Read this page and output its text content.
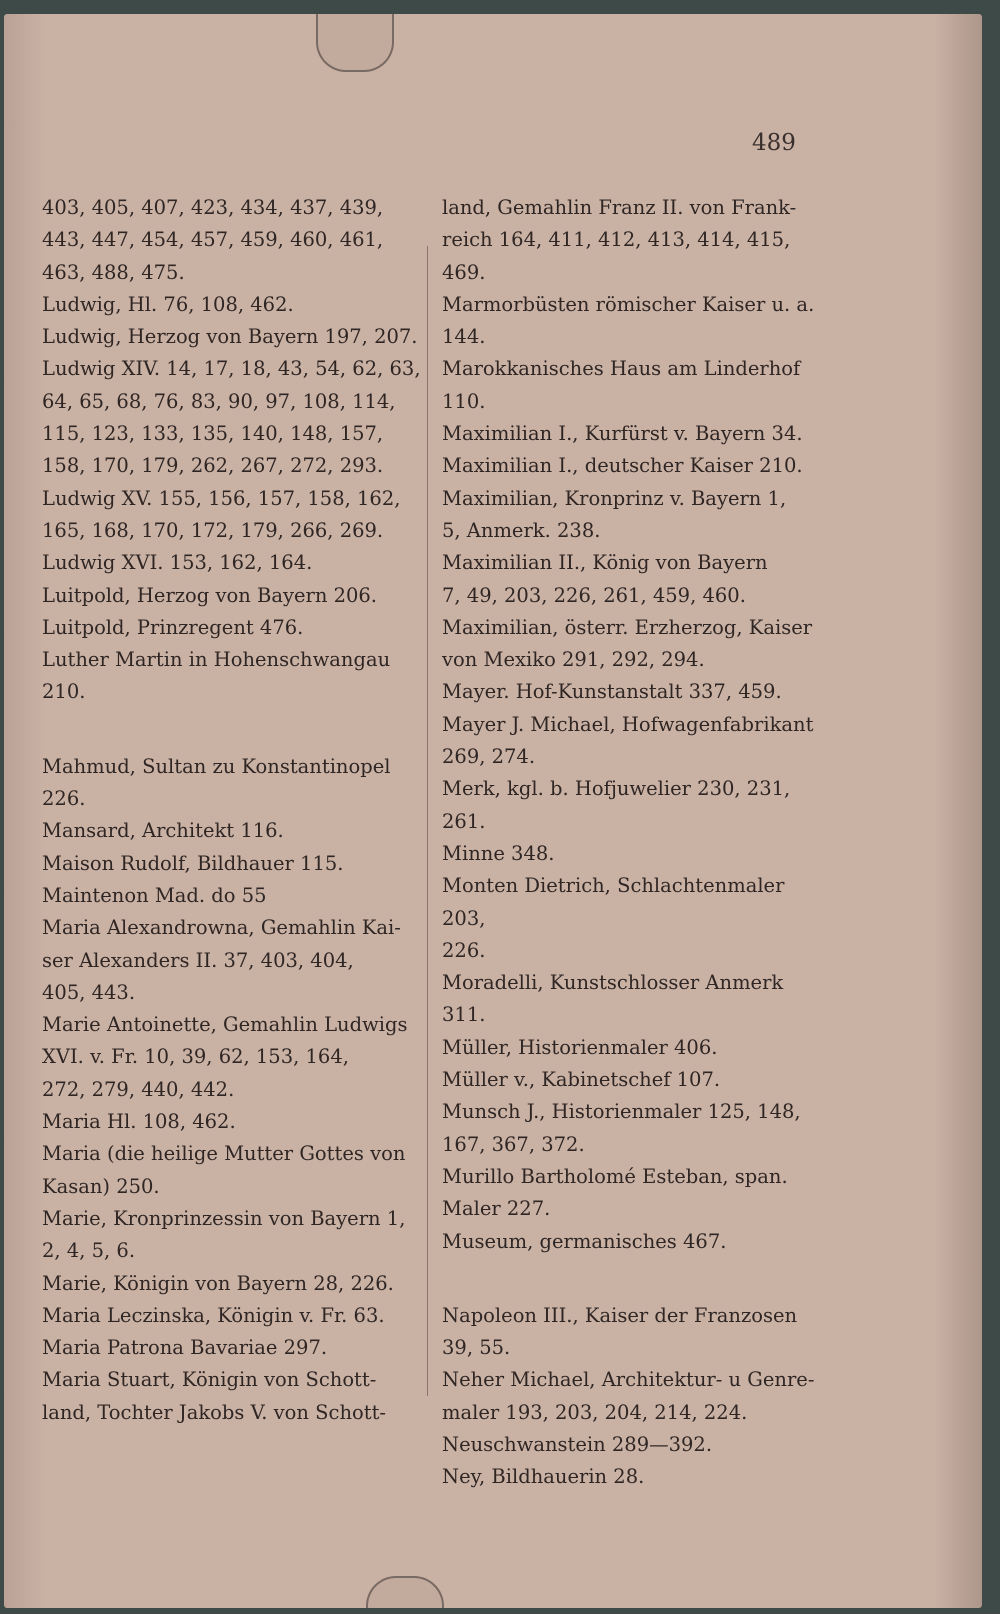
489
403, 405, 407, 423, 434, 437, 439,
443, 447, 454, 457, 459, 460, 461,
463, 488, 475.
Ludwig, Hl. 76, 108, 462.
Ludwig, Herzog von Bayern 197, 207.
Ludwig XIV. 14, 17, 18, 43, 54, 62, 63,
64, 65, 68, 76, 83, 90, 97, 108, 114,
115, 123, 133, 135, 140, 148, 157,
158, 170, 179, 262, 267, 272, 293.
Ludwig XV. 155, 156, 157, 158, 162,
165, 168, 170, 172, 179, 266, 269.
Ludwig XVI. 153, 162, 164.
Luitpold, Herzog von Bayern 206.
Luitpold, Prinzregent 476.
Luther Martin in Hohenschwangau 210.
Mahmud, Sultan zu Konstantinopel
226.
Mansard, Architekt 116.
Maison Rudolf, Bildhauer 115.
Maintenon Mad. do 55
Maria Alexandrowna, Gemahlin Kai-
ser Alexanders II. 37, 403, 404,
405, 443.
Marie Antoinette, Gemahlin Ludwigs
XVI. v. Fr. 10, 39, 62, 153, 164,
272, 279, 440, 442.
Maria Hl. 108, 462.
Maria (die heilige Mutter Gottes von
Kasan) 250.
Marie, Kronprinzessin von Bayern 1,
2, 4, 5, 6.
Marie, Königin von Bayern 28, 226.
Maria Leczinska, Königin v. Fr. 63.
Maria Patrona Bavariae 297.
Maria Stuart, Königin von Schott-
land, Tochter Jakobs V. von Schott-
land, Gemahlin Franz II. von Frank-
reich 164, 411, 412, 413, 414, 415,
469.
Marmorbüsten römischer Kaiser u. a.
144.
Marokkanisches Haus am Linderhof
110.
Maximilian I., Kurfürst v. Bayern 34.
Maximilian I., deutscher Kaiser 210.
Maximilian, Kronprinz v. Bayern 1,
5, Anmerk. 238.
Maximilian II., König von Bayern
7, 49, 203, 226, 261, 459, 460.
Maximilian, österr. Erzherzog, Kaiser
von Mexiko 291, 292, 294.
Mayer. Hof-Kunstanstalt 337, 459.
Mayer J. Michael, Hofwagenfabrikant
269, 274.
Merk, kgl. b. Hofjuwelier 230, 231, 261.
Minne 348.
Monten Dietrich, Schlachtenmaler 203,
226.
Moradelli, Kunstschlosser Anmerk 311.
Müller, Historienmaler 406.
Müller v., Kabinetschef 107.
Munsch J., Historienmaler 125, 148,
167, 367, 372.
Murillo Bartholomé Esteban, span.
Maler 227.
Museum, germanisches 467.
Napoleon III., Kaiser der Franzosen
39, 55.
Neher Michael, Architektur- u Genre-
maler 193, 203, 204, 214, 224.
Neuschwanstein 289—392.
Ney, Bildhauerin 28.
